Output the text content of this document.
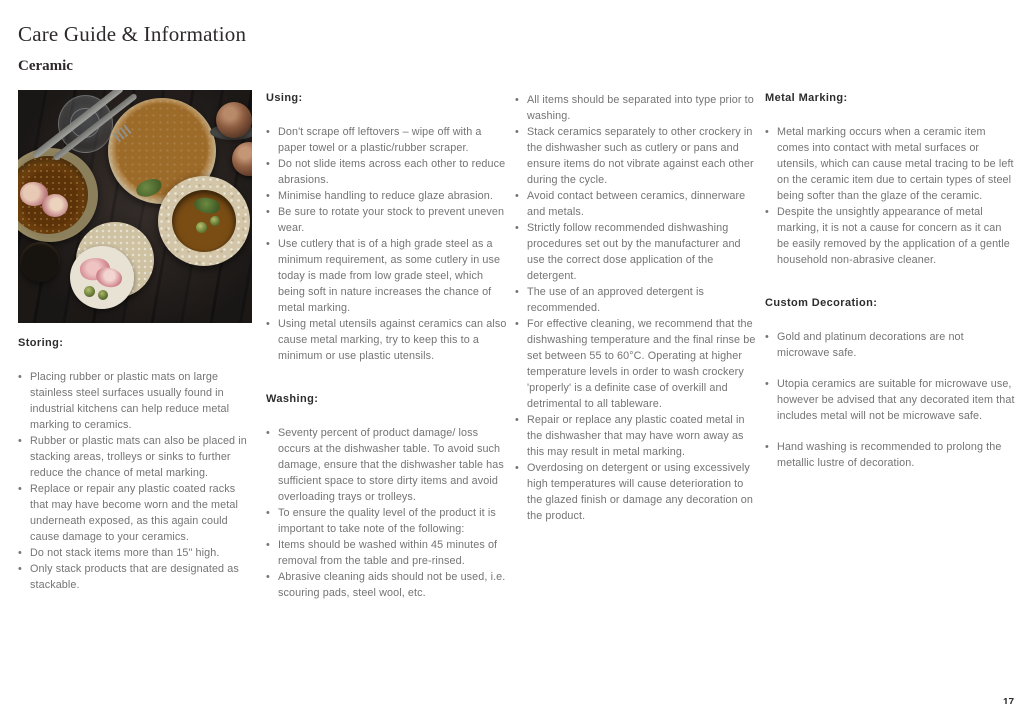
Care Guide & Information
Ceramic
Storing:
• Placing rubber or plastic mats on large stainless steel surfaces usually found in industrial kitchens can help reduce metal marking to ceramics.
• Rubber or plastic mats can also be placed in stacking areas, trolleys or sinks to further reduce the chance of metal marking.
• Replace or repair any plastic coated racks that may have become worn and the metal underneath exposed, as this again could cause damage to your ceramics.
• Do not stack items more than 15" high.
• Only stack products that are designated as stackable.
Using:
• Don't scrape off leftovers – wipe off with a paper towel or a plastic/rubber scraper.
• Do not slide items across each other to reduce abrasions.
• Minimise handling to reduce glaze abrasion.
• Be sure to rotate your stock to prevent uneven wear.
• Use cutlery that is of a high grade steel as a minimum requirement, as some cutlery in use today is made from low grade steel, which being soft in nature increases the chance of metal marking.
• Using metal utensils against ceramics can also cause metal marking, try to keep this to a minimum or use plastic utensils.
Washing:
• Seventy percent of product damage/ loss occurs at the dishwasher table. To avoid such damage, ensure that the dishwasher table has sufficient space to store dirty items and avoid overloading trays or trolleys.
• To ensure the quality level of the product it is important to take note of the following:
• Items should be washed within 45 minutes of removal from the table and pre-rinsed.
• Abrasive cleaning aids should not be used, i.e. scouring pads, steel wool, etc.
• All items should be separated into type prior to washing.
• Stack ceramics separately to other crockery in the dishwasher such as cutlery or pans and ensure items do not vibrate against each other during the cycle.
• Avoid contact between ceramics, dinnerware and metals.
• Strictly follow recommended dishwashing procedures set out by the manufacturer and use the correct dose application of the detergent.
• The use of an approved detergent is recommended.
• For effective cleaning, we recommend that the dishwashing temperature and the final rinse be set between 55 to 60°C. Operating at higher temperature levels in order to wash crockery 'properly' is a definite case of overkill and detrimental to all tableware.
• Repair or replace any plastic coated metal in the dishwasher that may have worn away as this may result in metal marking.
• Overdosing on detergent or using excessively high temperatures will cause deterioration to the glazed finish or damage any decoration on the product.
Metal Marking:
• Metal marking occurs when a ceramic item comes into contact with metal surfaces or utensils, which can cause metal tracing to be left on the ceramic item due to certain types of steel being softer than the glaze of the ceramic.
• Despite the unsightly appearance of metal marking, it is not a cause for concern as it can be easily removed by the application of a gentle household non-abrasive cleaner.
Custom Decoration:
• Gold and platinum decorations are not microwave safe.
• Utopia ceramics are suitable for microwave use, however be advised that any decorated item that includes metal will not be microwave safe.
• Hand washing is recommended to prolong the metallic lustre of decoration.
17
